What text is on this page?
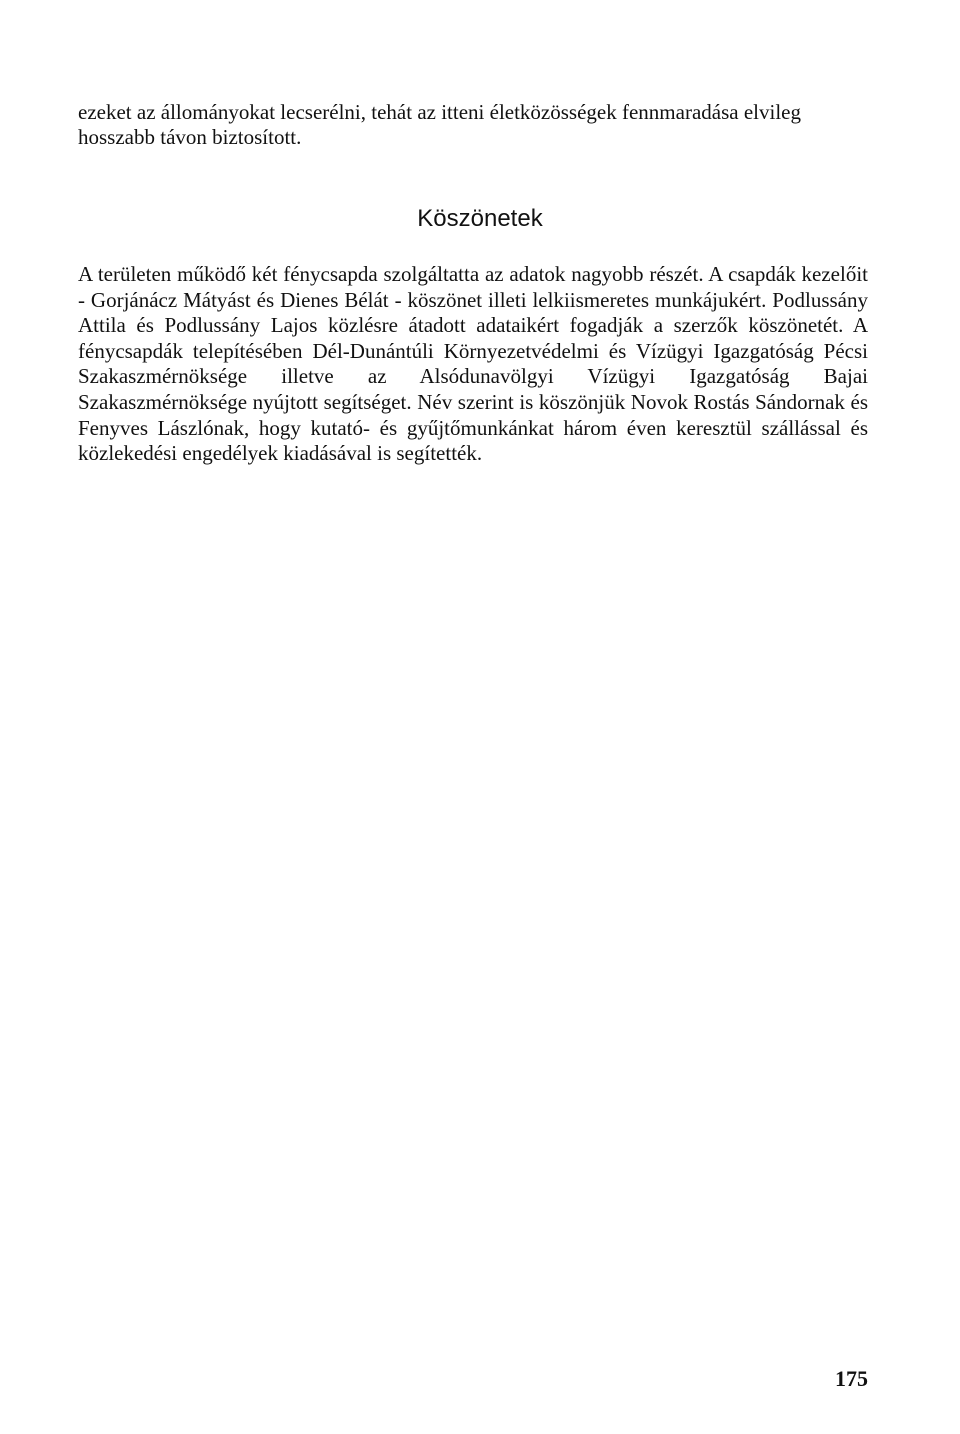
ezeket az állományokat lecserélni, tehát az itteni életközösségek fennmaradása elvileg hosszabb távon biztosított.

Köszönetek

A területen működő két fénycsapda szolgáltatta az adatok nagyobb részét. A csapdák kezelőit - Gorjánácz Mátyást és Dienes Bélát - köszönet illeti lelkiismeretes munkájukért. Podlussány Attila és Podlussány Lajos közlésre átadott adataikért fogadják a szerzők köszönetét. A fénycsapdák telepítésében Dél-Dunántúli Környezetvédelmi és Vízügyi Igazgatóság Pécsi Szakaszmérnöksége illetve az Alsódunavölgyi Vízügyi Igazgatóság Bajai Szakaszmérnöksége nyújtott segítséget. Név szerint is köszönjük Novok Rostás Sándornak és Fenyves Lászlónak, hogy kutató- és gyűjtőmunkánkat három éven keresztül szállással és közlekedési engedélyek kiadásával is segítették.

175
